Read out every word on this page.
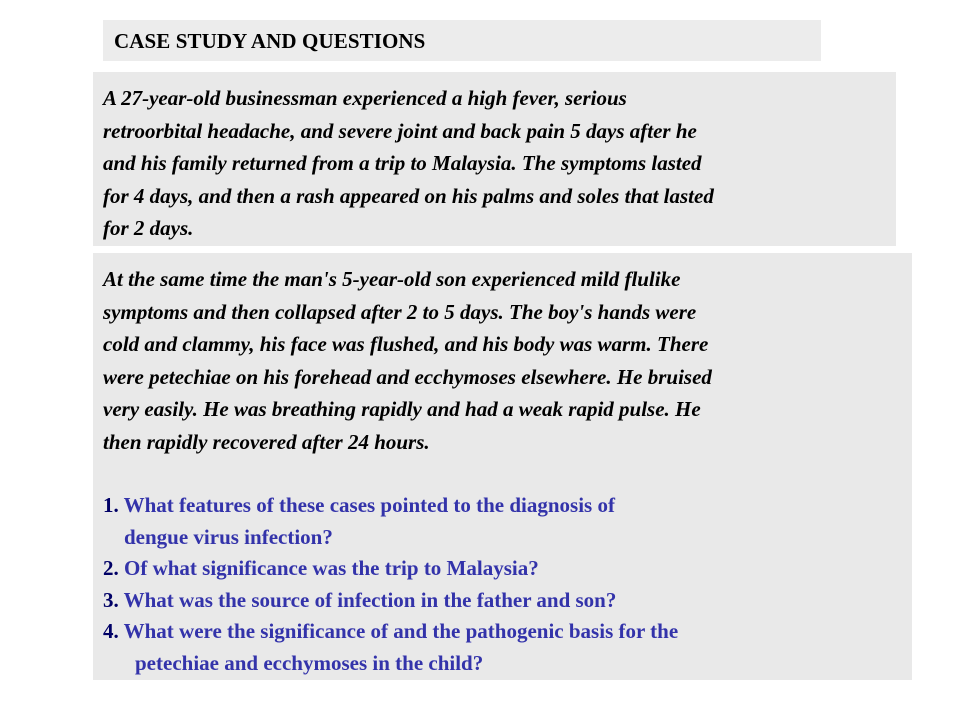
CASE STUDY AND QUESTIONS

A 27-year-old businessman experienced a high fever, serious
retroorbital headache, and severe joint and back pain 5 days after he
and his family returned from a trip to Malaysia. The symptoms lasted
for 4 days, and then a rash appeared on his palms and soles that lasted
for 2 days.

At the same time the man's 5-year-old son experienced mild flulike
symptoms and then collapsed after 2 to 5 days. The boy's hands were
cold and clammy, his face was flushed, and his body was warm. There
were petechiae on his forehead and ecchymoses elsewhere. He bruised
very easily. He was breathing rapidly and had a weak rapid pulse. He
then rapidly recovered after 24 hours.

1. What features of these cases pointed to the diagnosis of
dengue virus infection?
2. Of what significance was the trip to Malaysia?
3. What was the source of infection in the father and son?
4. What were the significance of and the pathogenic basis for the
petechiae and ecchymoses in the child?
